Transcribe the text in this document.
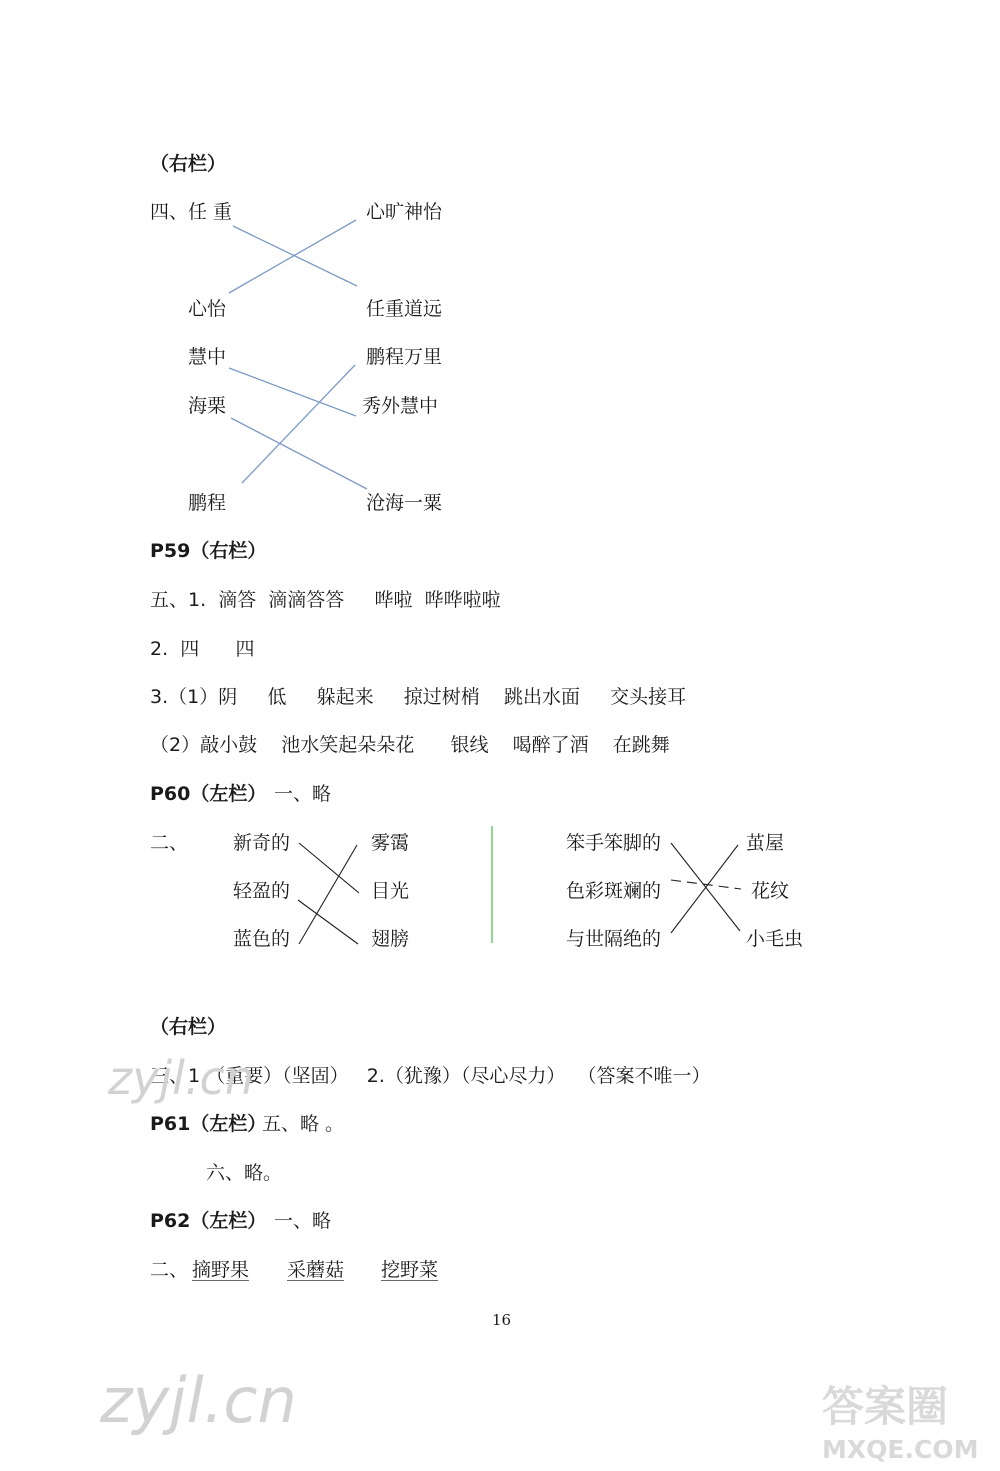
（右栏）
四、 任 重
心怡
心旷神怡
任重道远
慧中
海栗
鹏程
鹏程万里
秀外慧中
沧海一粟
P59（右栏）
五、1.  滴答  滴滴答答     哗啦  哗哗啦啦
2.  四      四
3.（1）阴     低     躲起来     掠过树梢    跳出水面     交头接耳
（2）敲小鼓    池水笑起朵朵花      银线    喝醉了酒    在跳舞
P60（左栏） 一、略
二、 新奇的
轻盈的
蓝色的
雾霭
目光
翅膀
笨手笨脚的
色彩斑斓的
与世隔绝的
茧屋
花纹
小毛虫
（右栏）
三、1.（重要）（坚固）   2.（犹豫）（尽心尽力）  （答案不唯一）
P61（左栏）
五、略 。
六、略。
P62（左栏） 一、略
二、 摘野果 采蘑菇 挖野菜
16
zyjl.cn
zyjl.cn	答案圈
MXQE.COM
